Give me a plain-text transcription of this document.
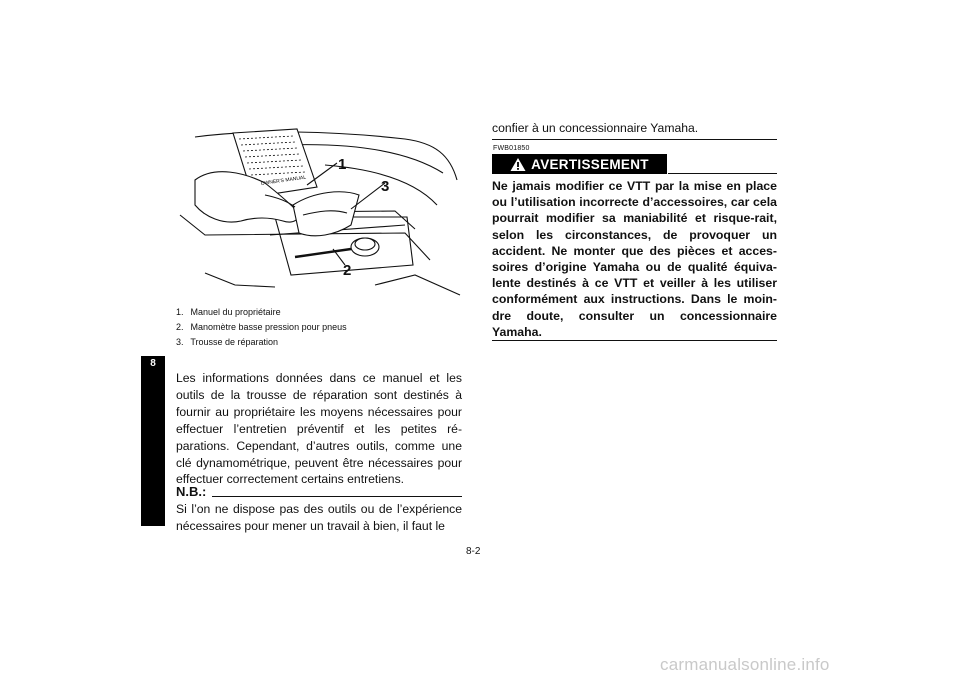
8
OWNER'S MANUAL
1
2
3
1. Manuel du propriétaire
2. Manomètre basse pression pour pneus
3. Trousse de réparation
Les informations données dans ce manuel et les outils de la trousse de réparation sont destinés à fournir au propriétaire les moyens nécessaires pour effectuer l’entretien préventif et les petites ré-parations. Cependant, d’autres outils, comme une clé dynamométrique, peuvent être nécessaires pour effectuer correctement certains entretiens.
N.B.:
Si l’on ne dispose pas des outils ou de l’expérience nécessaires pour mener un travail à bien, il faut le
confier à un concessionnaire Yamaha.
FWB01850
AVERTISSEMENT
Ne jamais modifier ce VTT par la mise en place ou l’utilisation incorrecte d’accessoires, car cela pourrait modifier sa maniabilité et risque-rait, selon les circonstances, de provoquer un accident. Ne monter que des pièces et acces-soires d’origine Yamaha ou de qualité équiva-lente destinés à ce VTT et veiller à les utiliser conformément aux instructions. Dans le moin-dre doute, consulter un concessionnaire Yamaha.
8-2
carmanualsonline.info
